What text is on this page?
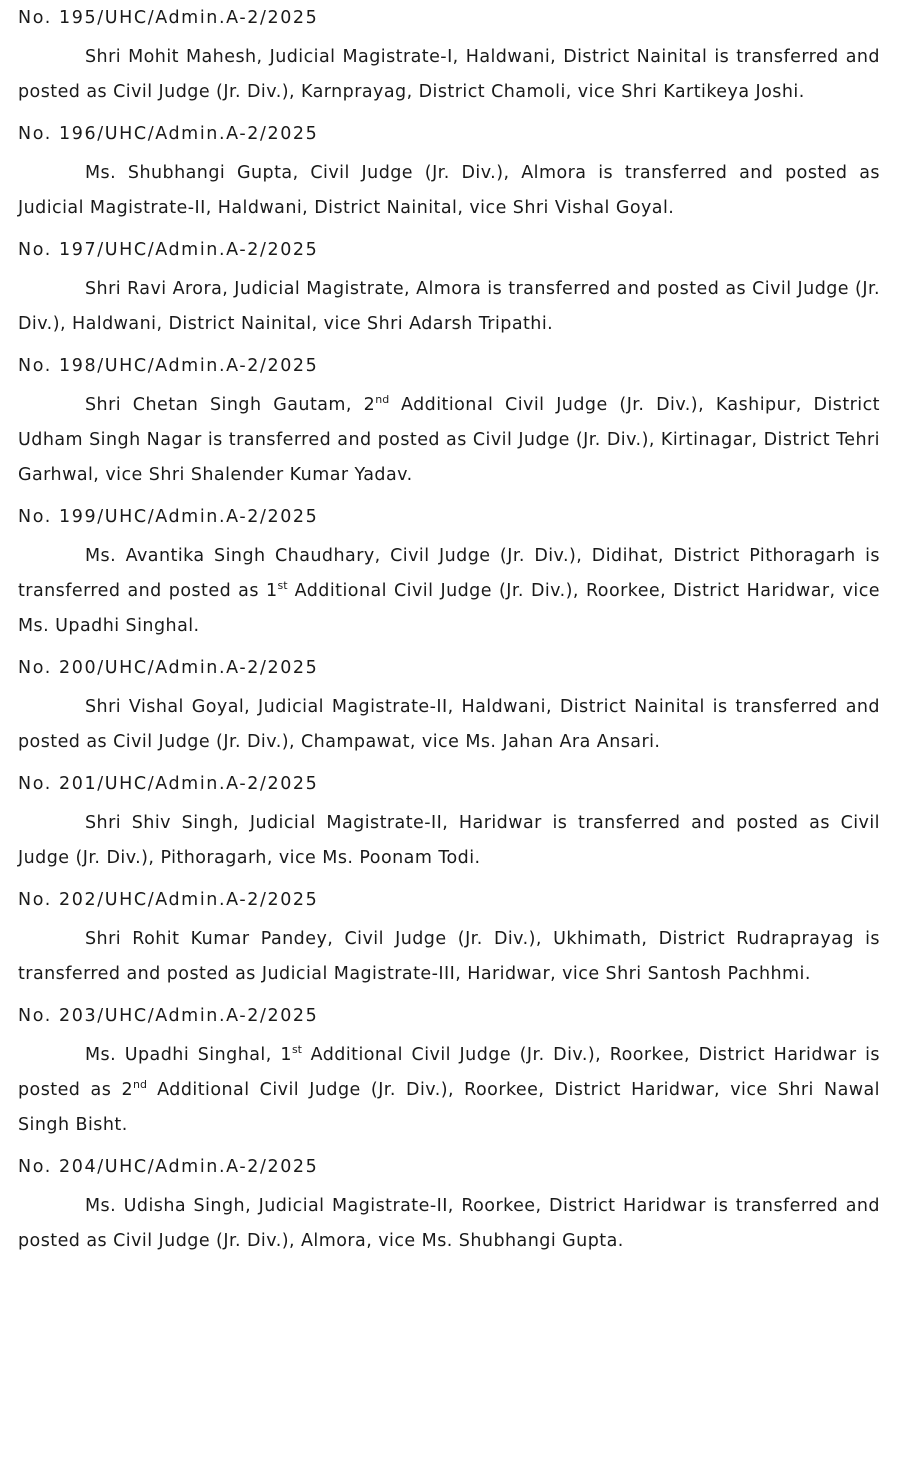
No. 195/UHC/Admin.A-2/2025

Shri Mohit Mahesh, Judicial Magistrate-I, Haldwani, District Nainital is transferred and posted as Civil Judge (Jr. Div.), Karnprayag, District Chamoli, vice Shri Kartikeya Joshi.

No. 196/UHC/Admin.A-2/2025

Ms. Shubhangi Gupta, Civil Judge (Jr. Div.), Almora is transferred and posted as Judicial Magistrate-II, Haldwani, District Nainital, vice Shri Vishal Goyal.

No. 197/UHC/Admin.A-2/2025

Shri Ravi Arora, Judicial Magistrate, Almora is transferred and posted as Civil Judge (Jr. Div.), Haldwani, District Nainital, vice Shri Adarsh Tripathi.

No. 198/UHC/Admin.A-2/2025

Shri Chetan Singh Gautam, 2nd Additional Civil Judge (Jr. Div.), Kashipur, District Udham Singh Nagar is transferred and posted as Civil Judge (Jr. Div.), Kirtinagar, District Tehri Garhwal, vice Shri Shalender Kumar Yadav.

No. 199/UHC/Admin.A-2/2025

Ms. Avantika Singh Chaudhary, Civil Judge (Jr. Div.), Didihat, District Pithoragarh is transferred and posted as 1st Additional Civil Judge (Jr. Div.), Roorkee, District Haridwar, vice Ms. Upadhi Singhal.

No. 200/UHC/Admin.A-2/2025

Shri Vishal Goyal, Judicial Magistrate-II, Haldwani, District Nainital is transferred and posted as Civil Judge (Jr. Div.), Champawat, vice Ms. Jahan Ara Ansari.

No. 201/UHC/Admin.A-2/2025

Shri Shiv Singh, Judicial Magistrate-II, Haridwar is transferred and posted as Civil Judge (Jr. Div.), Pithoragarh, vice Ms. Poonam Todi.

No. 202/UHC/Admin.A-2/2025

Shri Rohit Kumar Pandey, Civil Judge (Jr. Div.), Ukhimath, District Rudraprayag is transferred and posted as Judicial Magistrate-III, Haridwar, vice Shri Santosh Pachhmi.

No. 203/UHC/Admin.A-2/2025

Ms. Upadhi Singhal, 1st Additional Civil Judge (Jr. Div.), Roorkee, District Haridwar is posted as 2nd Additional Civil Judge (Jr. Div.), Roorkee, District Haridwar, vice Shri Nawal Singh Bisht.

No. 204/UHC/Admin.A-2/2025

Ms. Udisha Singh, Judicial Magistrate-II, Roorkee, District Haridwar is transferred and posted as Civil Judge (Jr. Div.), Almora, vice Ms. Shubhangi Gupta.
